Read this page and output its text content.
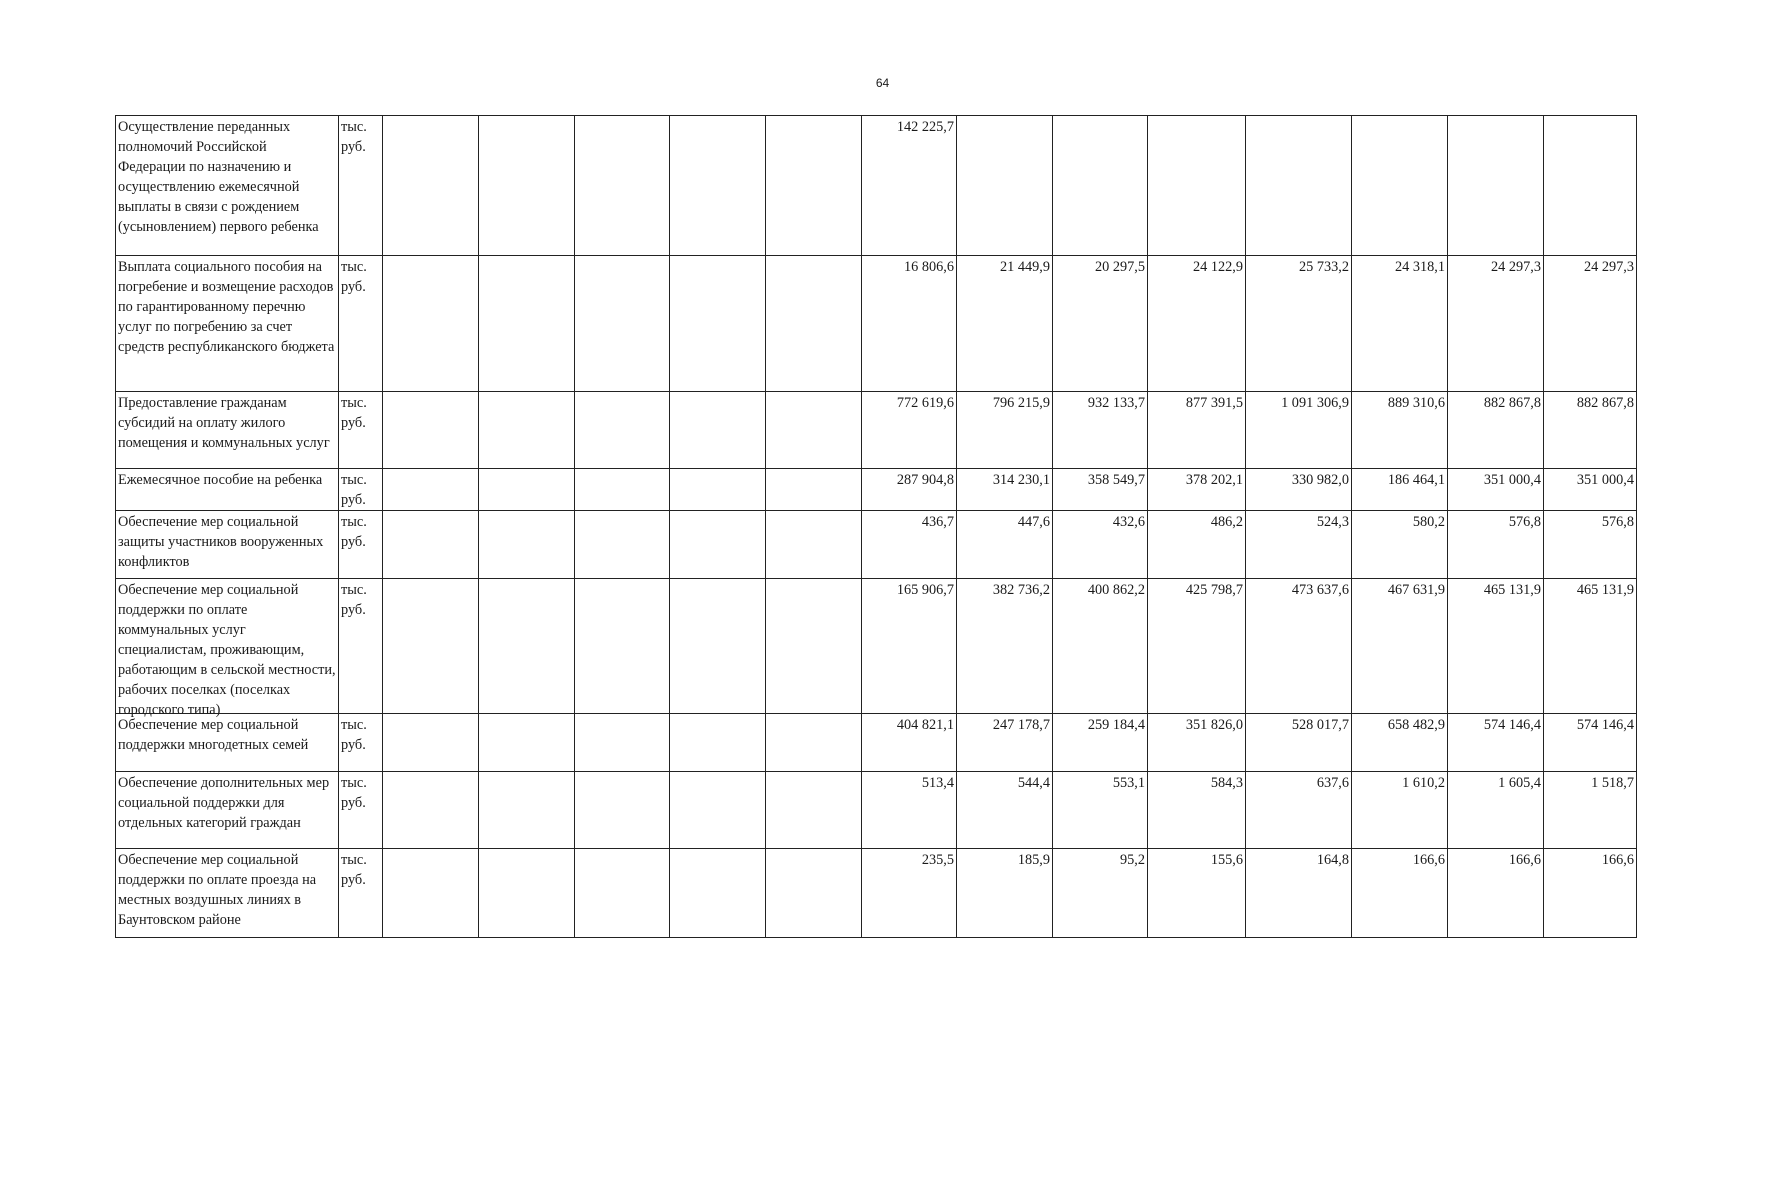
64
Осуществление переданных полномочий Российской Федерации по назначению и осуществлению ежемесячной выплаты в связи с рождением (усыновлением) первого ребенка	тыс. руб.						142 225,7							

Выплата социального пособия на погребение и возмещение расходов по гарантированному перечню услуг по погребению за счет средств республиканского бюджета	тыс. руб.						16 806,6	21 449,9	20 297,5	24 122,9	25 733,2	24 318,1	24 297,3	24 297,3

Предоставление гражданам субсидий на оплату жилого помещения и коммунальных услуг	тыс. руб.						772 619,6	796 215,9	932 133,7	877 391,5	1 091 306,9	889 310,6	882 867,8	882 867,8

Ежемесячное пособие на ребенка	тыс. руб.						287 904,8	314 230,1	358 549,7	378 202,1	330 982,0	186 464,1	351 000,4	351 000,4

Обеспечение мер социальной защиты участников вооруженных конфликтов	тыс. руб.						436,7	447,6	432,6	486,2	524,3	580,2	576,8	576,8

Обеспечение мер социальной поддержки по оплате коммунальных услуг специалистам, проживающим, работающим в сельской местности, рабочих поселках (поселках городского типа)	тыс. руб.						165 906,7	382 736,2	400 862,2	425 798,7	473 637,6	467 631,9	465 131,9	465 131,9

Обеспечение мер социальной поддержки многодетных семей	тыс. руб.						404 821,1	247 178,7	259 184,4	351 826,0	528 017,7	658 482,9	574 146,4	574 146,4

Обеспечение дополнительных мер социальной поддержки для отдельных категорий граждан	тыс. руб.						513,4	544,4	553,1	584,3	637,6	1 610,2	1 605,4	1 518,7

Обеспечение мер социальной поддержки по оплате проезда на местных воздушных линиях в Баунтовском районе	тыс. руб.						235,5	185,9	95,2	155,6	164,8	166,6	166,6	166,6
